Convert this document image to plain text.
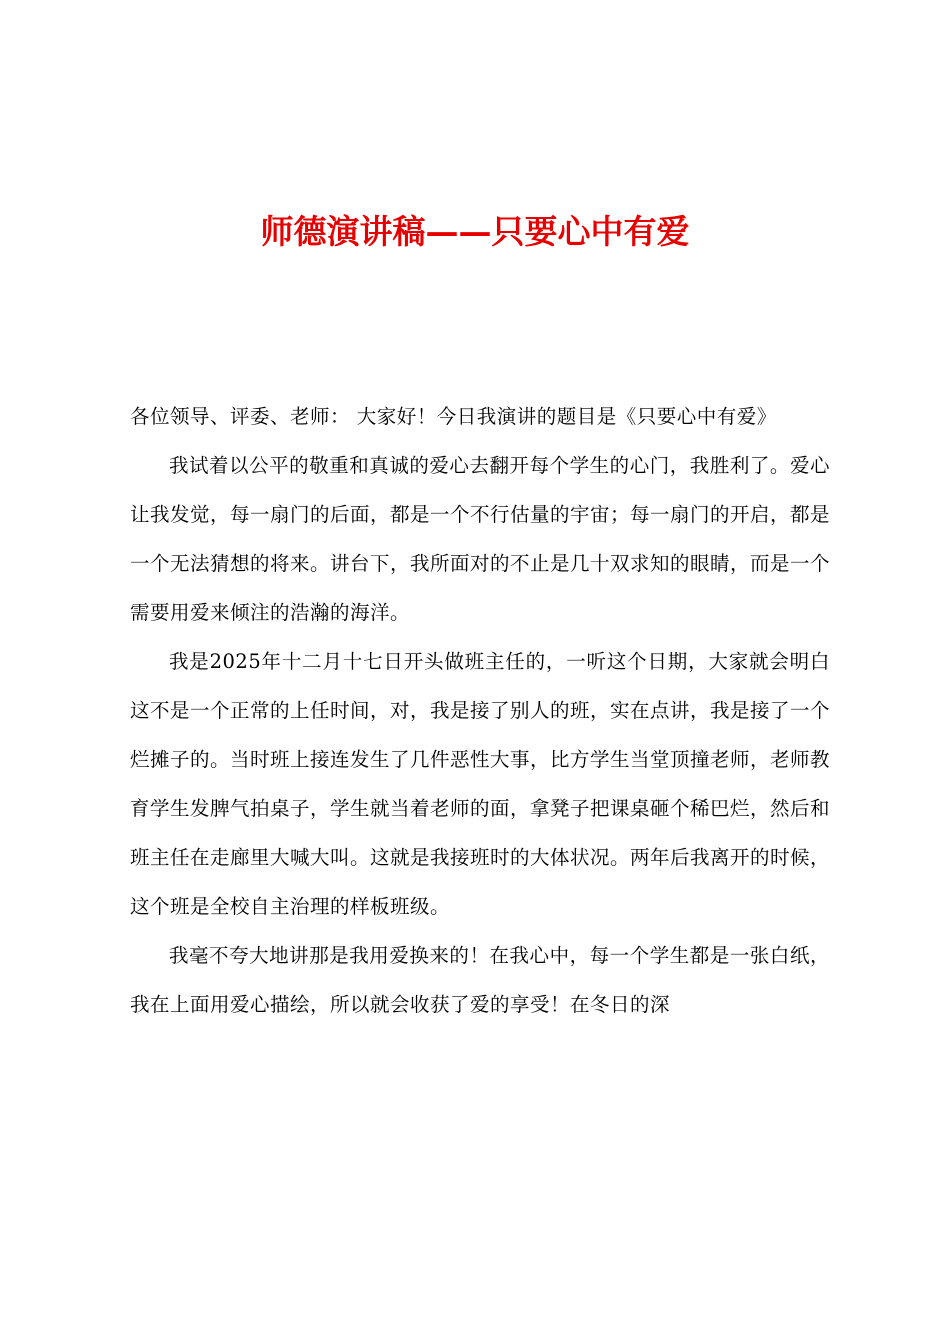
师德演讲稿——只要心中有爱

各位领导、评委、老师： 大家好！今日我演讲的题目是《只要心中有爱》

我试着以公平的敬重和真诚的爱心去翻开每个学生的心门，我胜利了。爱心让我发觉，每一扇门的后面，都是一个不行估量的宇宙；每一扇门的开启，都是一个无法猜想的将来。讲台下，我所面对的不止是几十双求知的眼睛，而是一个需要用爱来倾注的浩瀚的海洋。

我是2025年十二月十七日开头做班主任的，一听这个日期，大家就会明白这不是一个正常的上任时间，对，我是接了别人的班，实在点讲，我是接了一个烂摊子的。当时班上接连发生了几件恶性大事，比方学生当堂顶撞老师，老师教育学生发脾气拍桌子，学生就当着老师的面，拿凳子把课桌砸个稀巴烂，然后和班主任在走廊里大喊大叫。这就是我接班时的大体状况。两年后我离开的时候，这个班是全校自主治理的样板班级。

我毫不夸大地讲那是我用爱换来的！在我心中，每一个学生都是一张白纸，我在上面用爱心描绘，所以就会收获了爱的享受！在冬日的深
